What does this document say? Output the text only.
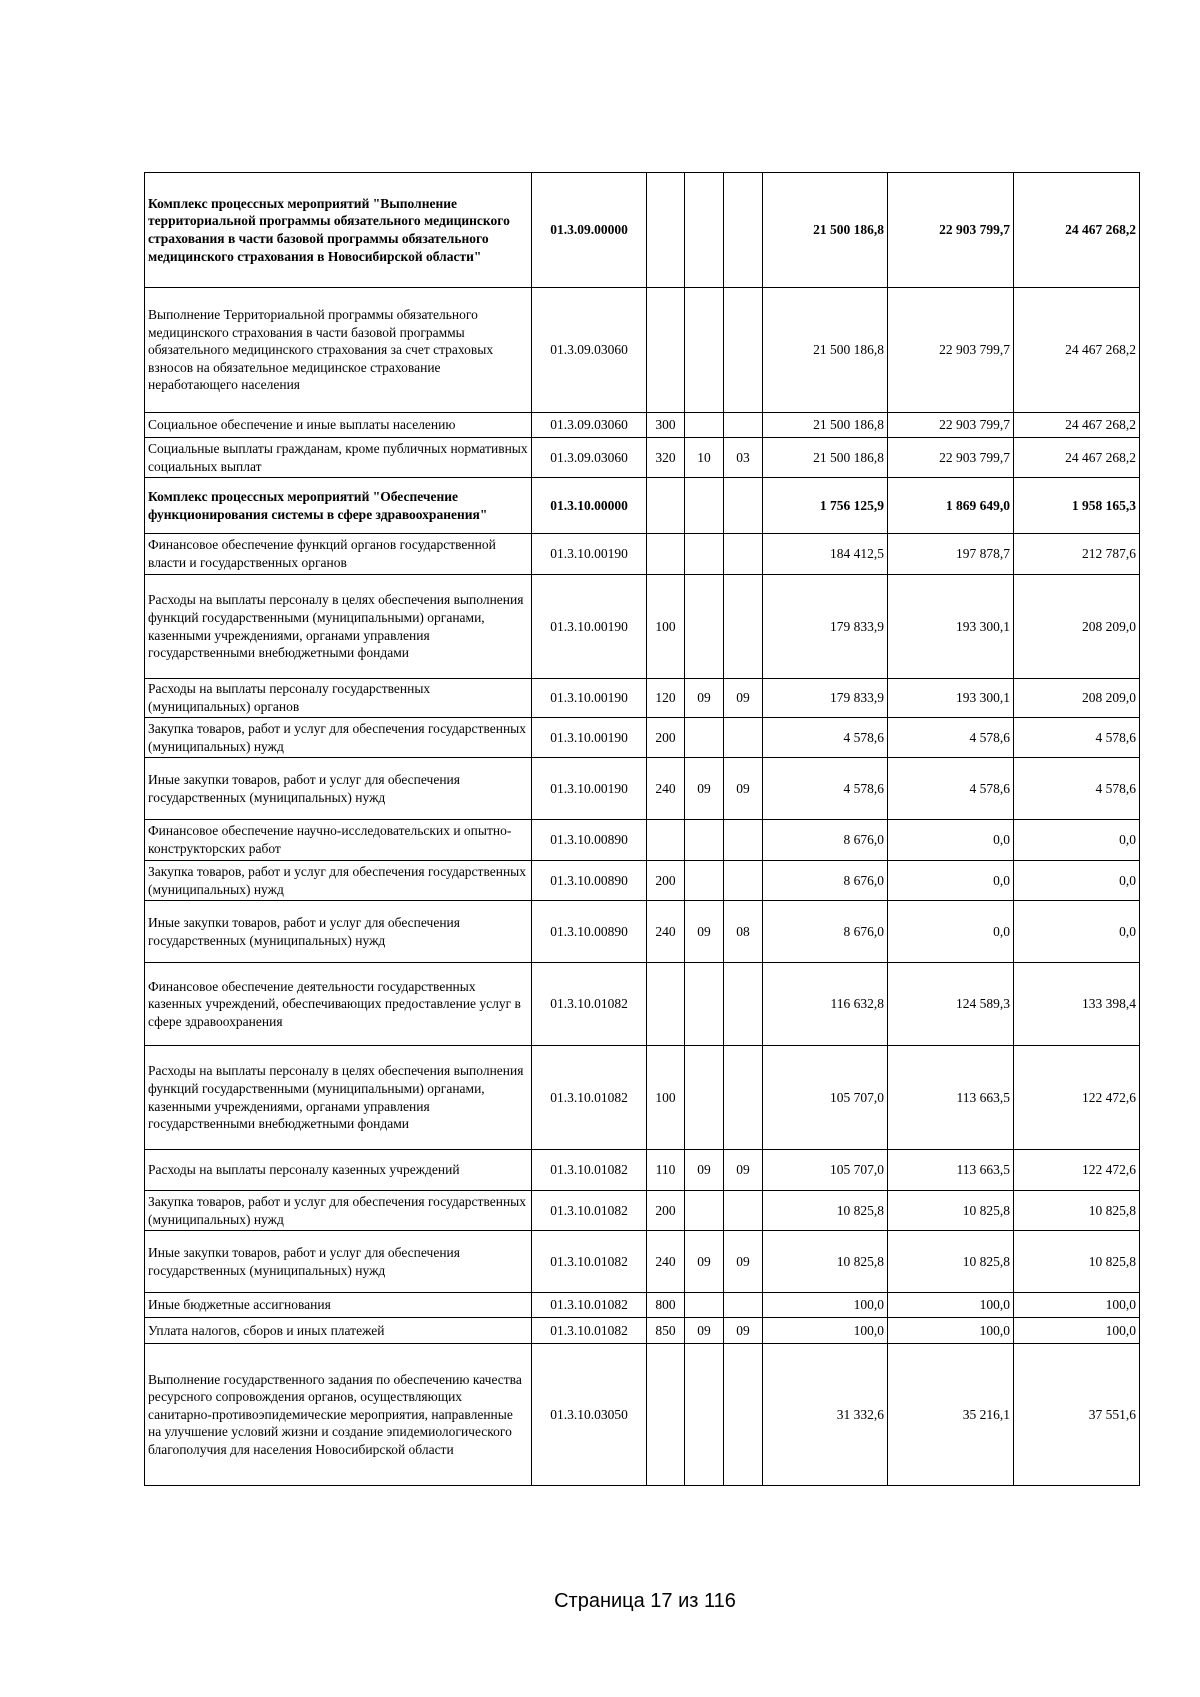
Комплекс процессных мероприятий "Выполнение территориальной программы обязательного медицинского страхования в части базовой программы обязательного медицинского страхования в Новосибирской области"	01.3.09.00000				21 500 186,8	22 903 799,7	24 467 268,2
Выполнение Территориальной программы обязательного медицинского страхования в части базовой программы обязательного медицинского страхования за счет страховых взносов на обязательное медицинское страхование неработающего населения	01.3.09.03060				21 500 186,8	22 903 799,7	24 467 268,2
Социальное обеспечение и иные выплаты населению	01.3.09.03060	300			21 500 186,8	22 903 799,7	24 467 268,2
Социальные выплаты гражданам, кроме публичных нормативных социальных выплат	01.3.09.03060	320	10	03	21 500 186,8	22 903 799,7	24 467 268,2
Комплекс процессных мероприятий "Обеспечение функционирования системы в сфере здравоохранения"	01.3.10.00000				1 756 125,9	1 869 649,0	1 958 165,3
Финансовое обеспечение функций органов государственной власти и государственных органов	01.3.10.00190				184 412,5	197 878,7	212 787,6
Расходы на выплаты персоналу в целях обеспечения выполнения функций государственными (муниципальными) органами, казенными учреждениями, органами управления государственными внебюджетными фондами	01.3.10.00190	100			179 833,9	193 300,1	208 209,0
Расходы на выплаты персоналу государственных (муниципальных) органов	01.3.10.00190	120	09	09	179 833,9	193 300,1	208 209,0
Закупка товаров, работ и услуг для обеспечения государственных (муниципальных) нужд	01.3.10.00190	200			4 578,6	4 578,6	4 578,6
Иные закупки товаров, работ и услуг для обеспечения государственных (муниципальных) нужд	01.3.10.00190	240	09	09	4 578,6	4 578,6	4 578,6
Финансовое обеспечение научно-исследовательских и опытно-конструкторских работ	01.3.10.00890				8 676,0	0,0	0,0
Закупка товаров, работ и услуг для обеспечения государственных (муниципальных) нужд	01.3.10.00890	200			8 676,0	0,0	0,0
Иные закупки товаров, работ и услуг для обеспечения государственных (муниципальных) нужд	01.3.10.00890	240	09	08	8 676,0	0,0	0,0
Финансовое обеспечение деятельности государственных казенных учреждений, обеспечивающих предоставление услуг в сфере здравоохранения	01.3.10.01082				116 632,8	124 589,3	133 398,4
Расходы на выплаты персоналу в целях обеспечения выполнения функций государственными (муниципальными) органами, казенными учреждениями, органами управления государственными внебюджетными фондами	01.3.10.01082	100			105 707,0	113 663,5	122 472,6
Расходы на выплаты персоналу казенных учреждений	01.3.10.01082	110	09	09	105 707,0	113 663,5	122 472,6
Закупка товаров, работ и услуг для обеспечения государственных (муниципальных) нужд	01.3.10.01082	200			10 825,8	10 825,8	10 825,8
Иные закупки товаров, работ и услуг для обеспечения государственных (муниципальных) нужд	01.3.10.01082	240	09	09	10 825,8	10 825,8	10 825,8
Иные бюджетные ассигнования	01.3.10.01082	800			100,0	100,0	100,0
Уплата налогов, сборов и иных платежей	01.3.10.01082	850	09	09	100,0	100,0	100,0
Выполнение государственного задания по обеспечению качества ресурсного сопровождения органов, осуществляющих санитарно-противоэпидемические мероприятия, направленные на улучшение условий жизни и создание эпидемиологического благополучия для населения Новосибирской области	01.3.10.03050				31 332,6	35 216,1	37 551,6
Страница 17 из 116
